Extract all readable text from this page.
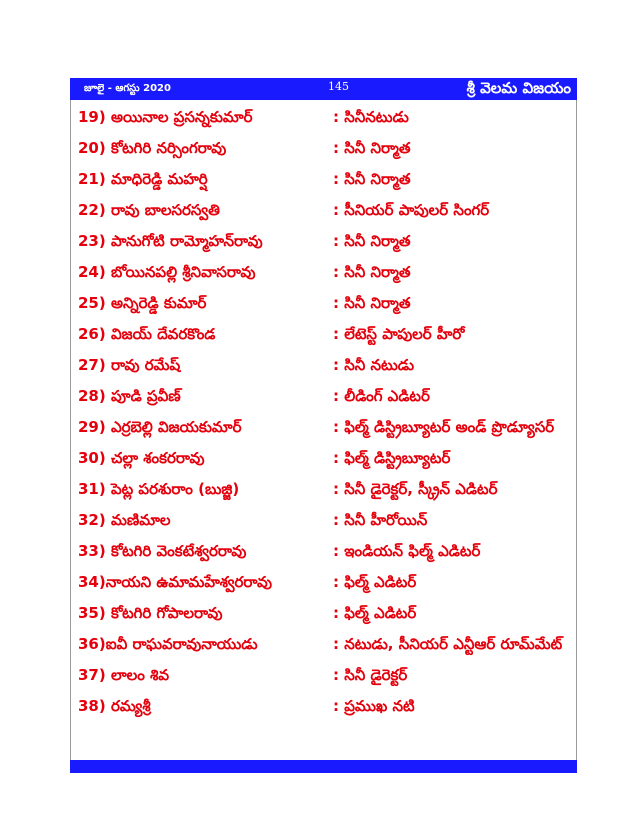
జూలై - ఆగస్టు 2020	145	శ్రీ వెలమ విజయం
19) అయినాల ప్రసన్నకుమార్	: సినీనటుడు
20) కోటగిరి నర్సింగరావు	: సినీ నిర్మాత
21) మాధిరెడ్డి మహర్షి	: సినీ నిర్మాత
22) రావు బాలసరస్వతి	: సీనియర్ పాపులర్ సింగర్
23) పానుగోటి రామ్మోహన్‌రావు	: సినీ నిర్మాత
24) బోయినపల్లి శ్రీనివాసరావు	: సినీ నిర్మాత
25) అన్నిరెడ్డి కుమార్	: సినీ నిర్మాత
26) విజయ్ దేవరకొండ	: లేటెస్ట్ పాపులర్ హీరో
27) రావు రమేష్	: సినీ నటుడు
28) పూడి ప్రవీణ్	: లీడింగ్ ఎడిటర్
29) ఎర్రబెల్లి విజయకుమార్	: ఫిల్మ్ డిస్ట్రిబ్యూటర్ అండ్ ప్రొడ్యూసర్
30) చల్లా శంకరరావు	: ఫిల్మ్ డిస్ట్రిబ్యూటర్
31) పెట్ల పరశురాం (బుజ్జి)	: సినీ డైరెక్టర్, స్క్రీన్ ఎడిటర్
32) మణిమాల	: సినీ హీరోయిన్
33) కోటగిరి వెంకటేశ్వరరావు	: ఇండియన్ ఫిల్మ్ ఎడిటర్
34)నాయని ఉమామహేశ్వరరావు	: ఫిల్మ్ ఎడిటర్
35) కోటగిరి గోపాలరావు	: ఫిల్మ్ ఎడిటర్
36)ఐవీ రాఘవరావునాయుడు	: నటుడు, సీనియర్ ఎన్టీఆర్ రూమ్‌మేట్
37) లాలం శివ	: సినీ డైరెక్టర్
38) రమ్యశ్రీ	: ప్రముఖ నటి
